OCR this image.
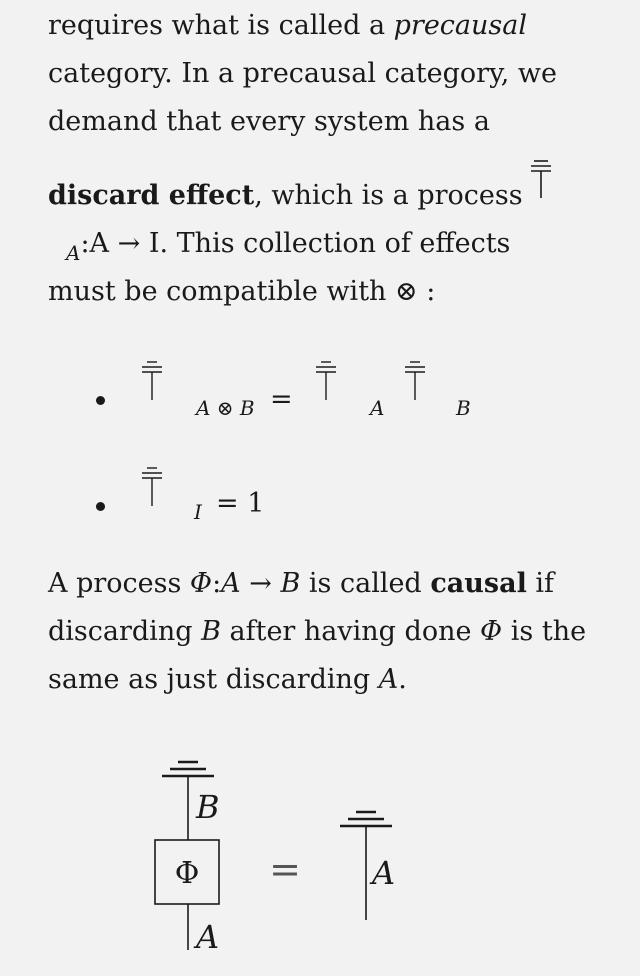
requires what is called a precausal
category. In a precausal category, we
demand that every system has a
discard effect, which is a process
$_A$:A → I. This collection of effects
must be compatible with ⊗ :
A ⊗ B =	A	B
I = 1
A process Φ:A → B is called causal if
discarding B after having done Φ is the
same as just discarding A.
B
Φ
A
= A
